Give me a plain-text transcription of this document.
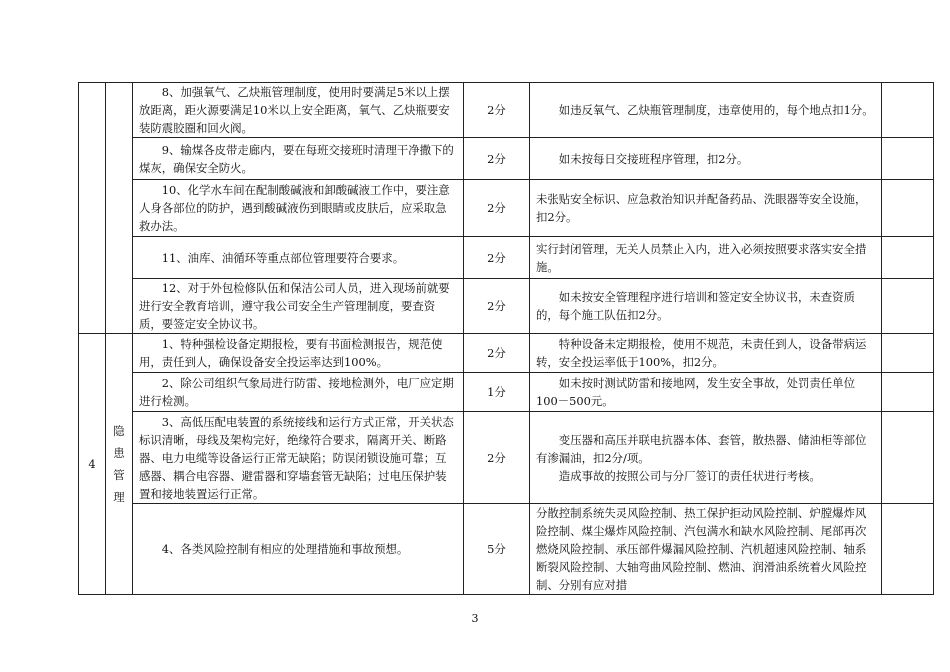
		8、加强氧气、乙炔瓶管理制度，使用时要满足5米以上摆放距离，距火源要满足10米以上安全距离，氧气、乙炔瓶要安装防震胶圈和回火阀。	2分	如违反氧气、乙炔瓶管理制度，违章使用的，每个地点扣1分。	

		9、输煤各皮带走廊内，要在每班交接班时清理干净撒下的煤灰，确保安全防火。	2分	如未按每日交接班程序管理，扣2分。	

		10、化学水车间在配制酸碱液和卸酸碱液工作中，要注意人身各部位的防护，遇到酸碱液伤到眼睛或皮肤后，应采取急救办法。	2分	未张贴安全标识、应急救治知识并配备药品、洗眼器等安全设施，扣2分。	

		11、油库、油循环等重点部位管理要符合要求。	2分	实行封闭管理，无关人员禁止入内，进入必须按照要求落实安全措施。	

		12、对于外包检修队伍和保洁公司人员，进入现场前就要进行安全教育培训，遵守我公司安全生产管理制度，要查资质，要签定安全协议书。	2分	如未按安全管理程序进行培训和签定安全协议书，未查资质的，每个施工队伍扣2分。	

4	隐患管理	1、特种强检设备定期报检，要有书面检测报告，规范使用，责任到人，确保设备安全投运率达到100%。	2分	特种设备未定期报检，使用不规范，未责任到人，设备带病运转，安全投运率低于100%，扣2分。	

		2、除公司组织气象局进行防雷、接地检测外，电厂应定期进行检测。	1分	如未按时测试防雷和接地网，发生安全事故，处罚责任单位100－500元。	

		3、高低压配电装置的系统接线和运行方式正常，开关状态标识清晰，母线及架构完好，绝缘符合要求，隔离开关、断路器、电力电缆等设备运行正常无缺陷；防误闭锁设施可靠；互感器、耦合电容器、避雷器和穿墙套管无缺陷；过电压保护装置和接地装置运行正常。	2分	变压器和高压并联电抗器本体、套管，散热器、储油柜等部位有渗漏油，扣2分/项。
造成事故的按照公司与分厂签订的责任状进行考核。	

		4、各类风险控制有相应的处理措施和事故预想。	5分	分散控制系统失灵风险控制、热工保护拒动风险控制、炉膛爆炸风险控制、煤尘爆炸风险控制、汽包满水和缺水风险控制、尾部再次燃烧风险控制、承压部件爆漏风险控制、汽机超速风险控制、轴系断裂风险控制、大轴弯曲风险控制、燃油、润滑油系统着火风险控制、分别有应对措	

3
